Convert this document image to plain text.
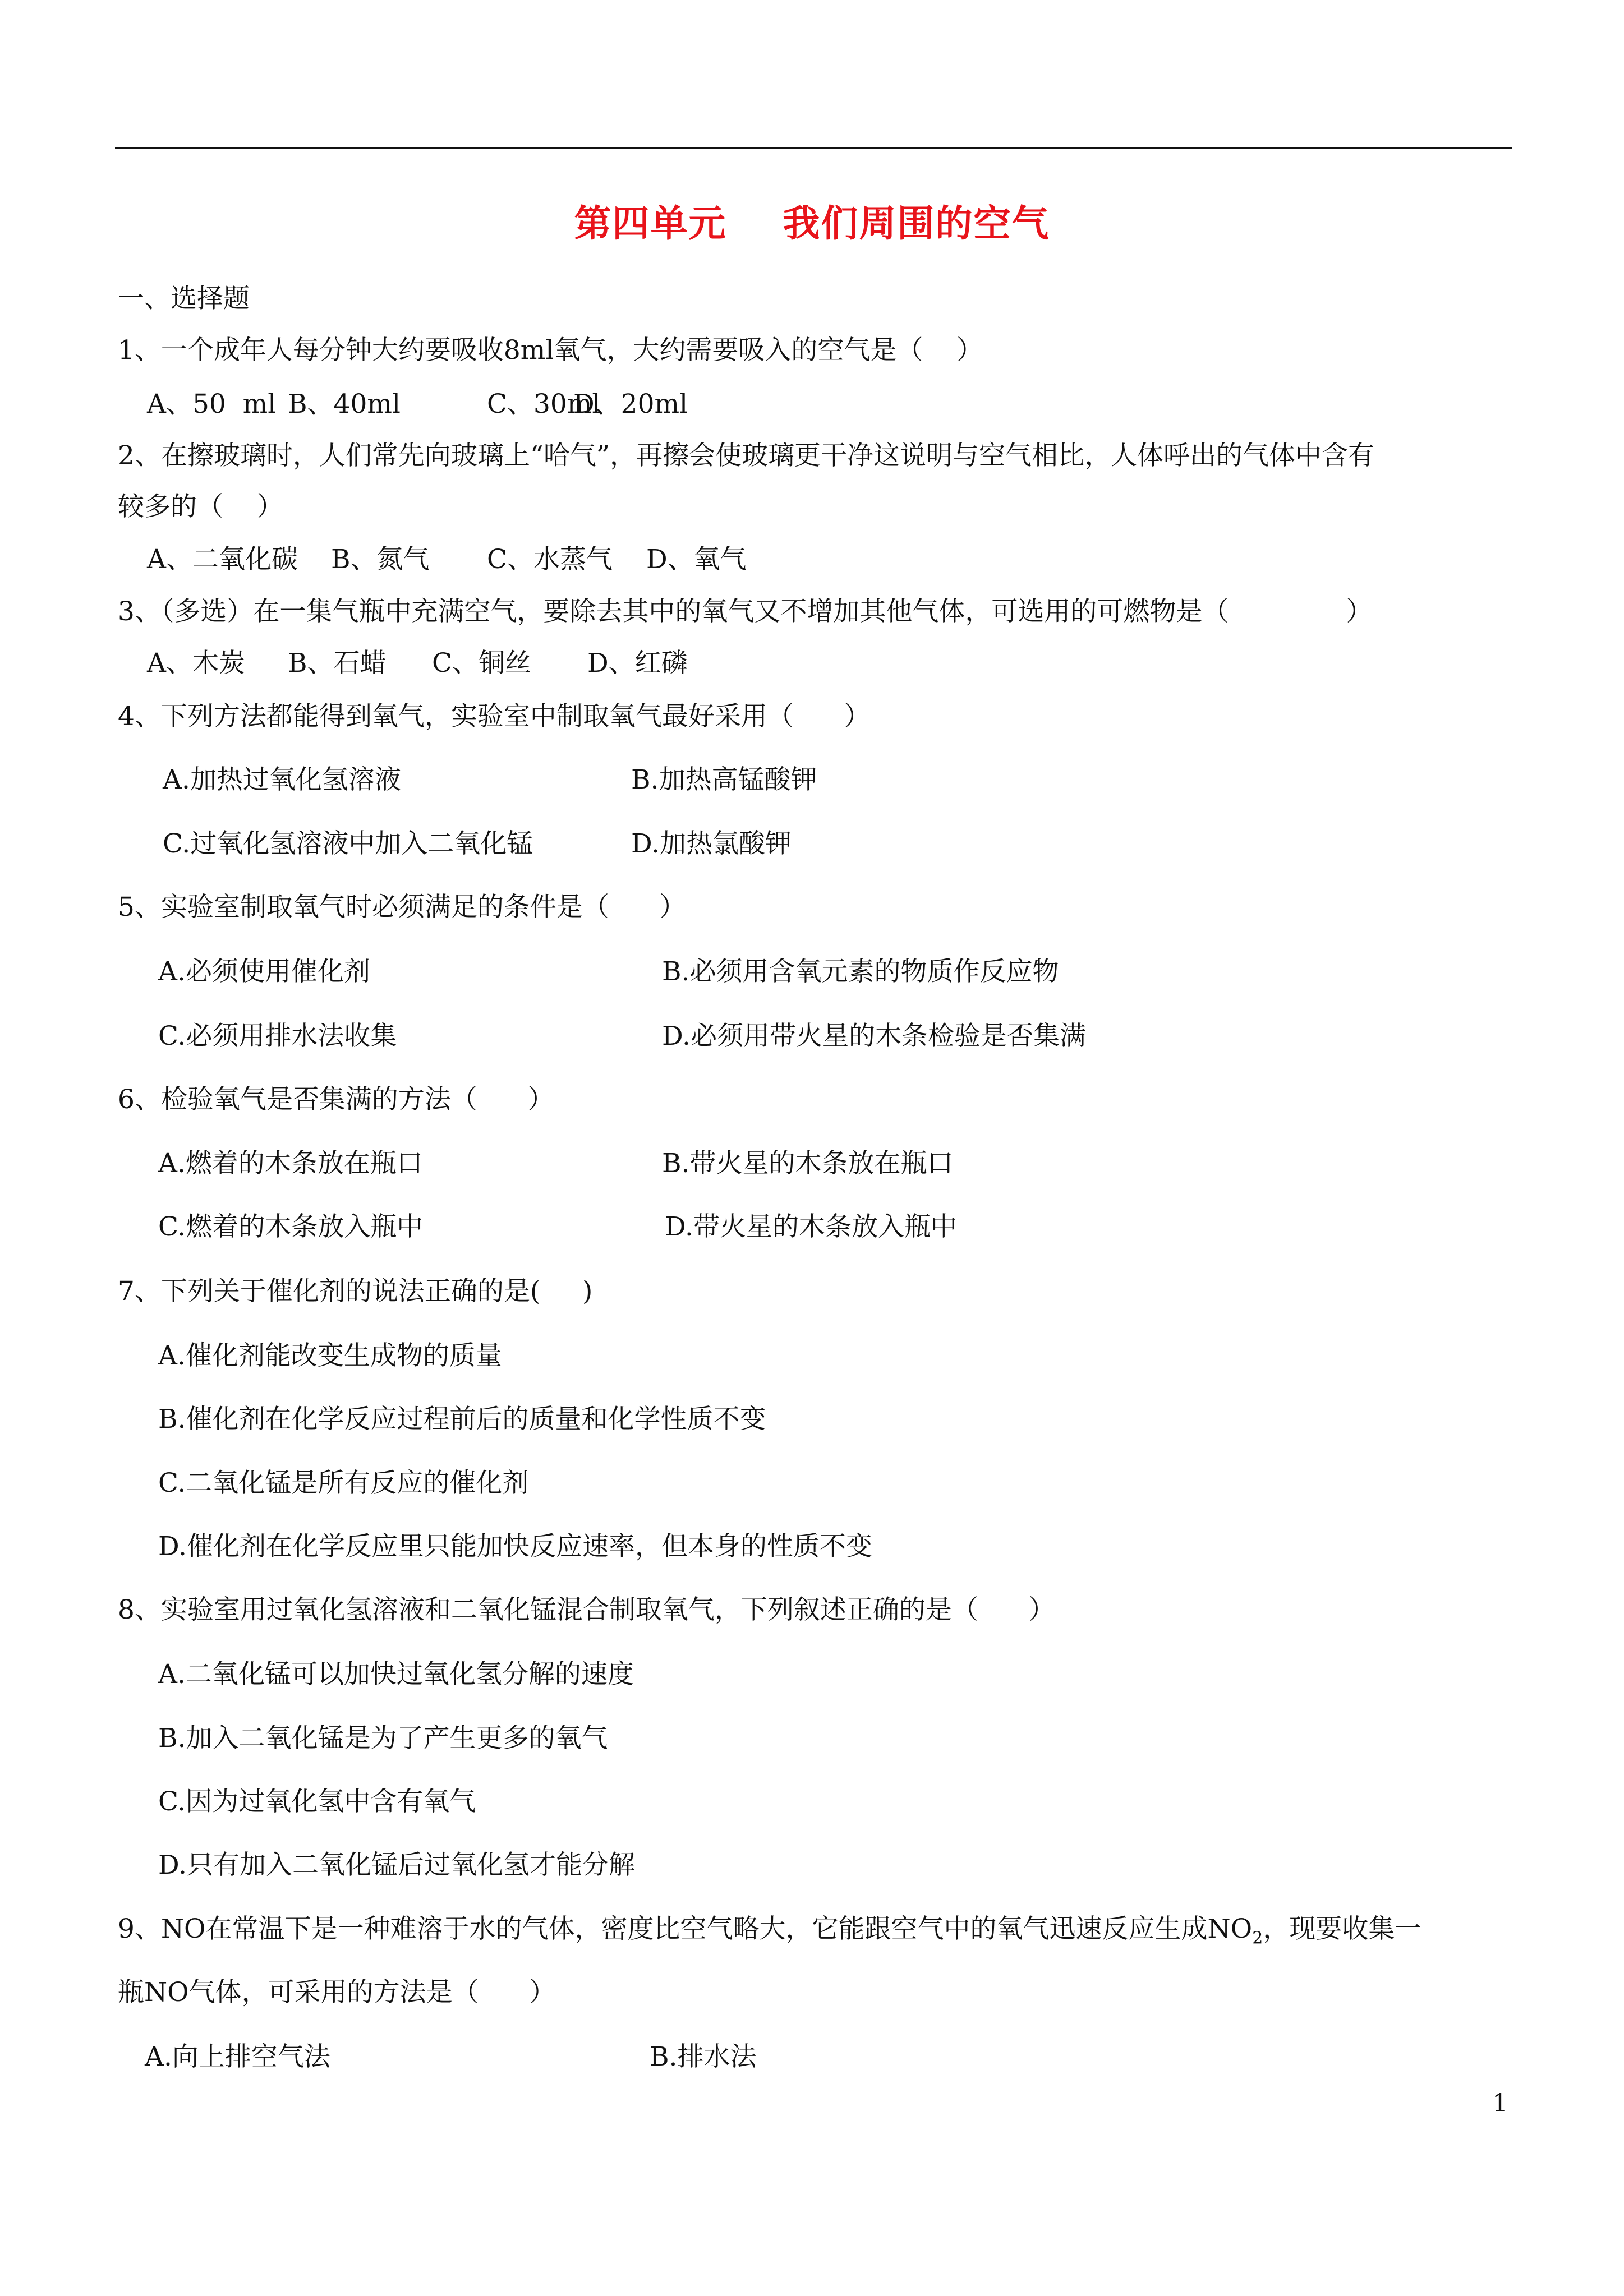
第四单元    我们周围的空气
一、选择题
1、一个成年人每分钟大约要吸收8ml氧气，大约需要吸入的空气是（    ）
A、50  ml B、40ml	C、30ml
D、20ml
2、在擦玻璃时，人们常先向玻璃上“哈气”，再擦会使玻璃更干净这说明与空气相比，人体呼出的气体中含有
较多的（    ）
A、二氧化碳 B、氮气 C、水蒸气 D、氧气
3、（多选）在一集气瓶中充满空气，要除去其中的氧气又不增加其他气体，可选用的可燃物是（              ）
A、木炭 B、石蜡 C、铜丝 D、红磷
4、下列方法都能得到氧气，实验室中制取氧气最好采用（      ）
A.加热过氧化氢溶液	B.加热高锰酸钾
C.过氧化氢溶液中加入二氧化锰	D.加热氯酸钾
5、实验室制取氧气时必须满足的条件是（      ）
A.必须使用催化剂	B.必须用含氧元素的物质作反应物
C.必须用排水法收集	D.必须用带火星的木条检验是否集满
6、检验氧气是否集满的方法（      ）
A.燃着的木条放在瓶口	B.带火星的木条放在瓶口
C.燃着的木条放入瓶中	D.带火星的木条放入瓶中
7、下列关于催化剂的说法正确的是(     )
A.催化剂能改变生成物的质量
B.催化剂在化学反应过程前后的质量和化学性质不变
C.二氧化锰是所有反应的催化剂
D.催化剂在化学反应里只能加快反应速率，但本身的性质不变
8、实验室用过氧化氢溶液和二氧化锰混合制取氧气，下列叙述正确的是（      ）
A.二氧化锰可以加快过氧化氢分解的速度
B.加入二氧化锰是为了产生更多的氧气
C.因为过氧化氢中含有氧气
D.只有加入二氧化锰后过氧化氢才能分解
9、NO在常温下是一种难溶于水的气体，密度比空气略大，它能跟空气中的氧气迅速反应生成$NO_2$，现要收集一
瓶NO气体，可采用的方法是（      ）
A.向上排空气法	B.排水法
1
